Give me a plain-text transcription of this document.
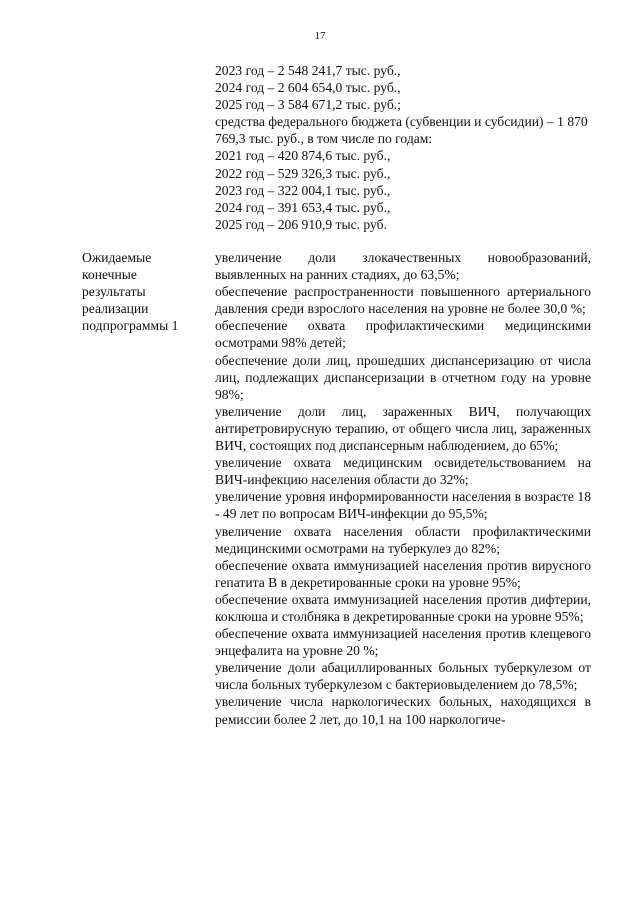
17
2023 год – 2 548 241,7 тыс. руб.,
2024 год – 2 604 654,0 тыс. руб.,
2025 год – 3 584 671,2 тыс. руб.;
средства федерального бюджета (субвенции и субсидии) – 1 870 769,3 тыс. руб., в том числе по годам:
2021 год – 420 874,6 тыс. руб.,
2022 год – 529 326,3 тыс. руб.,
2023 год – 322 004,1 тыс. руб.,
2024 год – 391 653,4 тыс. руб.,
2025 год – 206 910,9 тыс. руб.
Ожидаемые
конечные
результаты
реализации
подпрограммы 1

увеличение доли злокачественных новообразований, выявленных на ранних стадиях, до 63,5%;

обеспечение распространенности повышенного артериального давления среди взрослого населения на уровне не более 30,0 %;

обеспечение охвата профилактическими медицинскими осмотрами 98% детей;

обеспечение доли лиц, прошедших диспансеризацию от числа лиц, подлежащих диспансеризации в отчетном году на уровне 98%;

увеличение доли лиц, зараженных ВИЧ, получающих антиретровирусную терапию, от общего числа лиц, зараженных ВИЧ, состоящих под диспансерным наблюдением, до 65%;

увеличение охвата медицинским освидетельствованием на ВИЧ-инфекцию населения области до 32%;

увеличение уровня информированности населения в возрасте 18 - 49 лет по вопросам ВИЧ-инфекции до 95,5%;

увеличение охвата населения области профилактическими медицинскими осмотрами на туберкулез до 82%;

обеспечение охвата иммунизацией населения против вирусного гепатита В в декретированные сроки на уровне 95%;

обеспечение охвата иммунизацией населения против дифтерии, коклюша и столбняка в декретированные сроки на уровне 95%;

обеспечение охвата иммунизацией населения против клещевого энцефалита на уровне 20 %;

увеличение доли абациллированных больных туберкулезом от числа больных туберкулезом с бактериовыделением до 78,5%;

увеличение числа наркологических больных, находящихся в ремиссии более 2 лет, до 10,1 на 100 наркологиче-
